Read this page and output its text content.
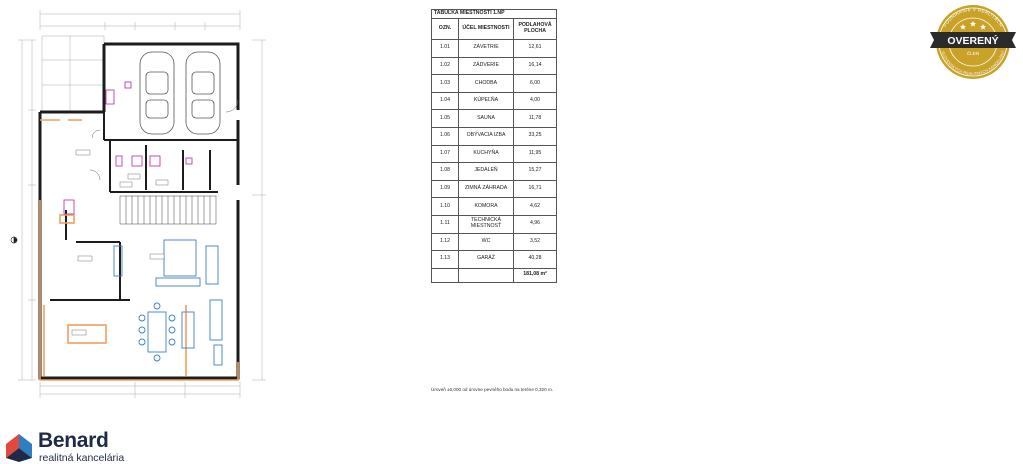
TABUĽKA MIESTNOSTÍ 1.NP		
OZN.	ÚČEL MIESTNOSTI	PODLAHOVÁ PLOCHA
1.01	ZÁVETRIE	12,61
1.02	ZÁDVERIE	16,14
1.03	CHODBA	6,00
1.04	KÚPEĽŇA	4,00
1.05	SAUNA	11,78
1.06	OBÝVACIA IZBA	33,25
1.07	KUCHYŇA	11,95
1.08	JEDÁLEŇ	15,27
1.09	ZIMNÁ ZÁHRADA	16,71
1.10	KOMORA	4,62
1.11	TECHNICKÁ MIESTNOSŤ	4,96
1.12	WC	3,52
1.13	GARÁŽ	40,28
		181,08 m²
Úroveň ±0,000 od úrovne pevného bodu na teréne 0,320 m.
PODNIKANIE V REALITÁCH
SLOVENSKÝCH REALITNÝCH KANCELÁRIÍ
OVERENÝ
ČLEN
Benard
realitná kancelária
